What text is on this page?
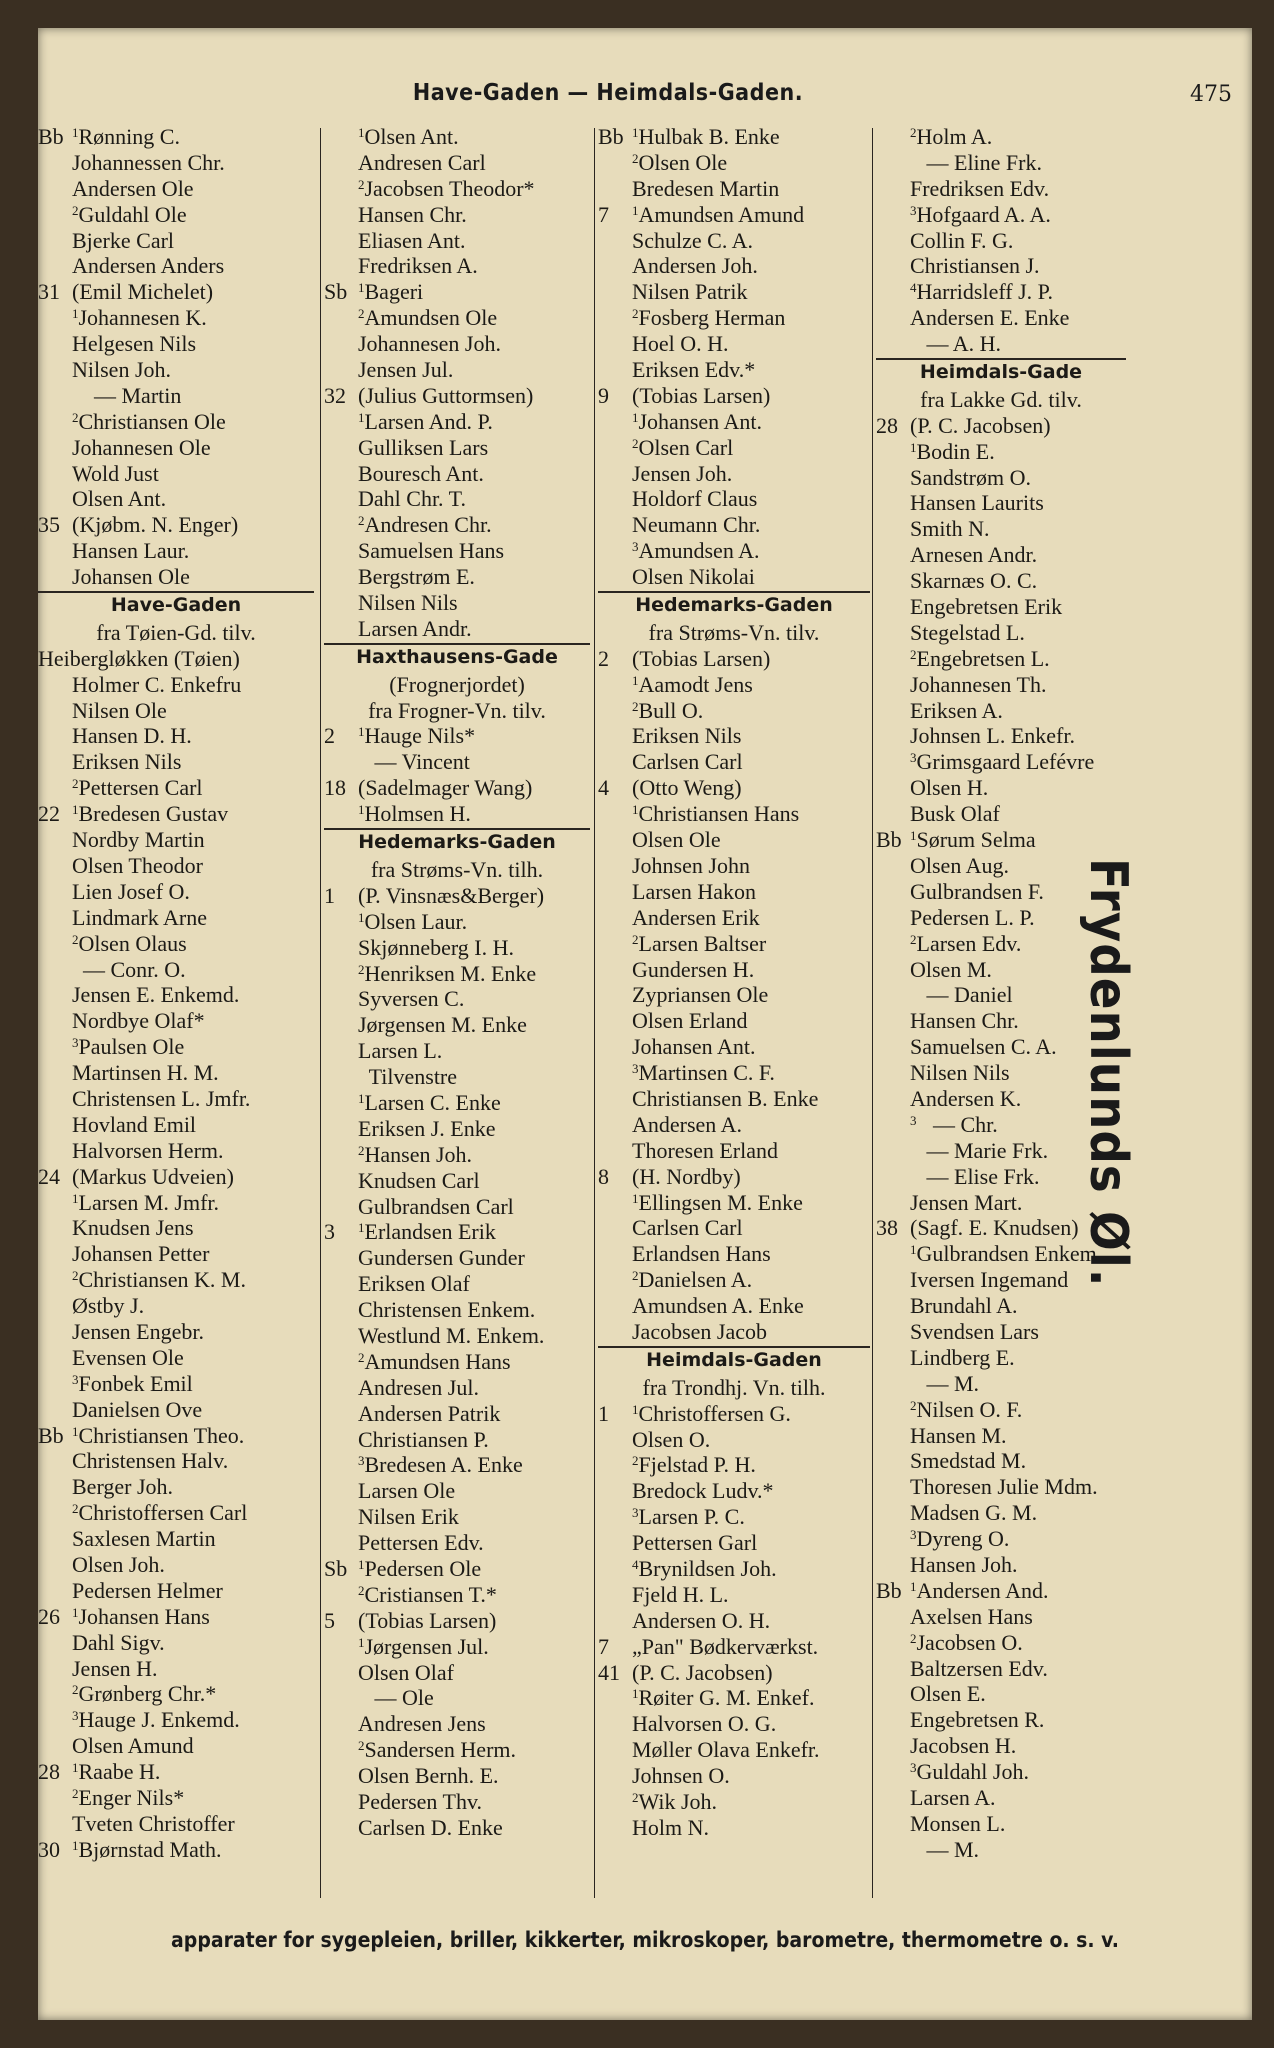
Have-Gaden — Heimdals-Gaden.	475
Bb $^1$Rønning C.
Johannessen Chr.
Andersen Ole
$^2$Guldahl Ole
Bjerke Carl
Andersen Anders
31 (Emil Michelet)
$^1$Johannesen K.
Helgesen Nils
Nilsen Joh.
— Martin
$^2$Christiansen Ole
Johannesen Ole
Wold Just
Olsen Ant.
35 (Kjøbm. N. Enger)
Hansen Laur.
Johansen Ole
Have-Gaden
fra Tøien-Gd. tilv.
Heibergløkken (Tøien)
Holmer C. Enkefru
Nilsen Ole
Hansen D. H.
Eriksen Nils
$^2$Pettersen Carl
22 $^1$Bredesen Gustav
Nordby Martin
Olsen Theodor
Lien Josef O.
Lindmark Arne
$^2$Olsen Olaus
— Conr. O.
Jensen E. Enkemd.
Nordbye Olaf*
$^3$Paulsen Ole
Martinsen H. M.
Christensen L. Jmfr.
Hovland Emil
Halvorsen Herm.
24 (Markus Udveien)
$^1$Larsen M. Jmfr.
Knudsen Jens
Johansen Petter
$^2$Christiansen K. M.
Østby J.
Jensen Engebr.
Evensen Ole
$^3$Fonbek Emil
Danielsen Ove
Bb $^1$Christiansen Theo.
Christensen Halv.
Berger Joh.
$^2$Christoffersen Carl
Saxlesen Martin
Olsen Joh.
Pedersen Helmer
26 $^1$Johansen Hans
Dahl Sigv.
Jensen H.
$^2$Grønberg Chr.*
$^3$Hauge J. Enkemd.
Olsen Amund
28 $^1$Raabe H.
$^2$Enger Nils*
Tveten Christoffer
30 $^1$Bjørnstad Math.
$^1$Olsen Ant.
Andresen Carl
$^2$Jacobsen Theodor*
Hansen Chr.
Eliasen Ant.
Fredriksen A.
Sb $^1$Bageri
$^2$Amundsen Ole
Johannesen Joh.
Jensen Jul.
32 (Julius Guttormsen)
$^1$Larsen And. P.
Gulliksen Lars
Bouresch Ant.
Dahl Chr. T.
$^2$Andresen Chr.
Samuelsen Hans
Bergstrøm E.
Nilsen Nils
Larsen Andr.
Haxthausens-Gade
(Frognerjordet)
fra Frogner-Vn. tilv.
2 $^1$Hauge Nils*
— Vincent
18 (Sadelmager Wang)
$^1$Holmsen H.
Hedemarks-Gaden
fra Strøms-Vn. tilh.
1 (P. Vinsnæs&Berger)
$^1$Olsen Laur.
Skjønneberg I. H.
$^2$Henriksen M. Enke
Syversen C.
Jørgensen M. Enke
Larsen L.
Tilvenstre
$^1$Larsen C. Enke
Eriksen J. Enke
$^2$Hansen Joh.
Knudsen Carl
Gulbrandsen Carl
3 $^1$Erlandsen Erik
Gundersen Gunder
Eriksen Olaf
Christensen Enkem.
Westlund M. Enkem.
$^2$Amundsen Hans
Andresen Jul.
Andersen Patrik
Christiansen P.
$^3$Bredesen A. Enke
Larsen Ole
Nilsen Erik
Pettersen Edv.
Sb $^1$Pedersen Ole
$^2$Cristiansen T.*
5 (Tobias Larsen)
$^1$Jørgensen Jul.
Olsen Olaf
— Ole
Andresen Jens
$^2$Sandersen Herm.
Olsen Bernh. E.
Pedersen Thv.
Carlsen D. Enke
Bb $^1$Hulbak B. Enke
$^2$Olsen Ole
Bredesen Martin
7 $^1$Amundsen Amund
Schulze C. A.
Andersen Joh.
Nilsen Patrik
$^2$Fosberg Herman
Hoel O. H.
Eriksen Edv.*
9 (Tobias Larsen)
$^1$Johansen Ant.
$^2$Olsen Carl
Jensen Joh.
Holdorf Claus
Neumann Chr.
$^3$Amundsen A.
Olsen Nikolai
Hedemarks-Gaden
fra Strøms-Vn. tilv.
2 (Tobias Larsen)
$^1$Aamodt Jens
$^2$Bull O.
Eriksen Nils
Carlsen Carl
4 (Otto Weng)
$^1$Christiansen Hans
Olsen Ole
Johnsen John
Larsen Hakon
Andersen Erik
$^2$Larsen Baltser
Gundersen H.
Zypriansen Ole
Olsen Erland
Johansen Ant.
$^3$Martinsen C. F.
Christiansen B. Enke
Andersen A.
Thoresen Erland
8 (H. Nordby)
$^1$Ellingsen M. Enke
Carlsen Carl
Erlandsen Hans
$^2$Danielsen A.
Amundsen A. Enke
Jacobsen Jacob
Heimdals-Gaden
fra Trondhj. Vn. tilh.
1 $^1$Christoffersen G.
Olsen O.
$^2$Fjelstad P. H.
Bredock Ludv.*
$^3$Larsen P. C.
Pettersen Garl
$^4$Brynildsen Joh.
Fjeld H. L.
Andersen O. H.
7 „Pan" Bødkerværkst.
41 (P. C. Jacobsen)
$^1$Røiter G. M. Enkef.
Halvorsen O. G.
Møller Olava Enkefr.
Johnsen O.
$^2$Wik Joh.
Holm N.
$^2$Holm A.
— Eline Frk.
Fredriksen Edv.
$^3$Hofgaard A. A.
Collin F. G.
Christiansen J.
$^4$Harridsleff J. P.
Andersen E. Enke
— A. H.
Heimdals-Gade
fra Lakke Gd. tilv.
28 (P. C. Jacobsen)
$^1$Bodin E.
Sandstrøm O.
Hansen Laurits
Smith N.
Arnesen Andr.
Skarnæs O. C.
Engebretsen Erik
Stegelstad L.
$^2$Engebretsen L.
Johannesen Th.
Eriksen A.
Johnsen L. Enkefr.
$^3$Grimsgaard Lefévre
Olsen H.
Busk Olaf
Bb $^1$Sørum Selma
Olsen Aug.
Gulbrandsen F.
Pedersen L. P.
$^2$Larsen Edv.
Olsen M.
— Daniel
Hansen Chr.
Samuelsen C. A.
Nilsen Nils
Andersen K.
$^3$   — Chr.
— Marie Frk.
— Elise Frk.
Jensen Mart.
38 (Sagf. E. Knudsen)
$^1$Gulbrandsen Enkem.
Iversen Ingemand
Brundahl A.
Svendsen Lars
Lindberg E.
— M.
$^2$Nilsen O. F.
Hansen M.
Smedstad M.
Thoresen Julie Mdm.
Madsen G. M.
$^3$Dyreng O.
Hansen Joh.
Bb $^1$Andersen And.
Axelsen Hans
$^2$Jacobsen O.
Baltzersen Edv.
Olsen E.
Engebretsen R.
Jacobsen H.
$^3$Guldahl Joh.
Larsen A.
Monsen L.
— M.
Frydenlunds Øl.
apparater for sygepleien, briller, kikkerter, mikroskoper, barometre, thermometre o. s. v.
